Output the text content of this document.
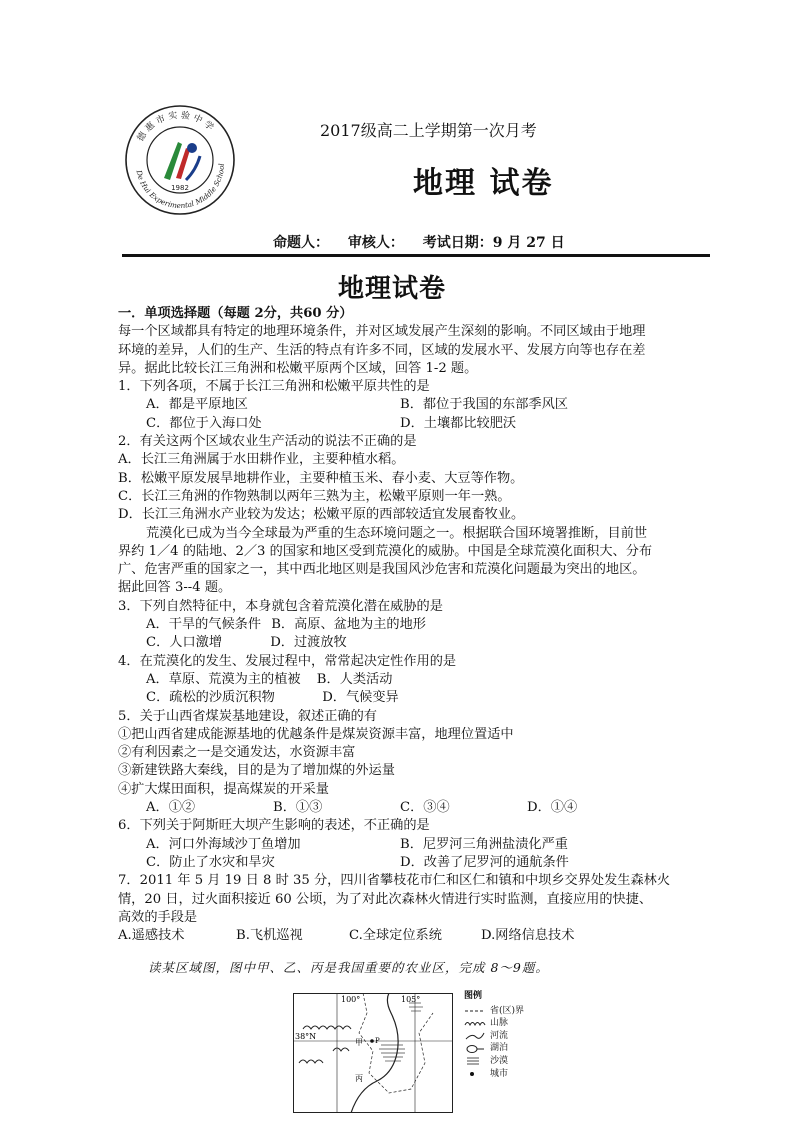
德惠市实验中学
De Hui Experimental Middle School
1982
2017级高二上学期第一次月考
地理 试卷
命题人： 审核人： 考试日期：9 月 27 日
地理试卷

一．单项选择题（每题 2分，共60 分）

每一个区域都具有特定的地理环境条件，并对区域发展产生深刻的影响。不同区域由于地理

环境的差异，人们的生产、生活的特点有许多不同，区域的发展水平、发展方向等也存在差

异。据此比较长江三角洲和松嫩平原两个区域，回答 1-2 题。

1．下列各项，不属于长江三角洲和松嫩平原共性的是

A．都是平原地区	B．都位于我国的东部季风区
C．都位于入海口处	D．土壤都比较肥沃

2．有关这两个区域农业生产活动的说法不正确的是

A．长江三角洲属于水田耕作业，主要种植水稻。

B．松嫩平原发展旱地耕作业，主要种植玉米、春小麦、大豆等作物。

C．长江三角洲的作物熟制以两年三熟为主，松嫩平原则一年一熟。

D．长江三角洲水产业较为发达；松嫩平原的西部较适宜发展畜牧业。

荒漠化已成为当今全球最为严重的生态环境问题之一。根据联合国环境署推断，目前世

界约 1／4 的陆地、2／3 的国家和地区受到荒漠化的威胁。中国是全球荒漠化面积大、分布

广、危害严重的国家之一，其中西北地区则是我国风沙危害和荒漠化问题最为突出的地区。

据此回答 3--4 题。

3．下列自然特征中，本身就包含着荒漠化潜在威胁的是

A．干旱的气候条件 B．高原、盆地为主的地形
C．人口激增	D．过渡放牧

4．在荒漠化的发生、发展过程中，常常起决定性作用的是

A．草原、荒漠为主的植被 B．人类活动
C．疏松的沙质沉积物	D．气候变异

5．关于山西省煤炭基地建设，叙述正确的有

①把山西省建成能源基地的优越条件是煤炭资源丰富，地理位置适中

②有利因素之一是交通发达，水资源丰富

③新建铁路大秦线，目的是为了增加煤的外运量

④扩大煤田面积，提高煤炭的开采量

A．①②	B．①③	C．③④	D．①④

6．下列关于阿斯旺大坝产生影响的表述，不正确的是

A．河口外海域沙丁鱼增加	B．尼罗河三角洲盐渍化严重
C．防止了水灾和旱灾	D．改善了尼罗河的通航条件

7．2011 年 5 月 19 日 8 时 35 分，四川省攀枝花市仁和区仁和镇和中坝乡交界处发生森林火

情，20 日，过火面积接近 60 公顷，为了对此次森林火情进行实时监测，直接应用的快捷、

高效的手段是

A.遥感技术	B.飞机巡视	C.全球定位系统	D.网络信息技术
读某区域图，图中甲、乙、丙是我国重要的农业区，完成 8～9题。
100°	105°
38°N
甲 P
丙
图例
省(区)界
山脉
河流
湖泊
沙漠
城市
